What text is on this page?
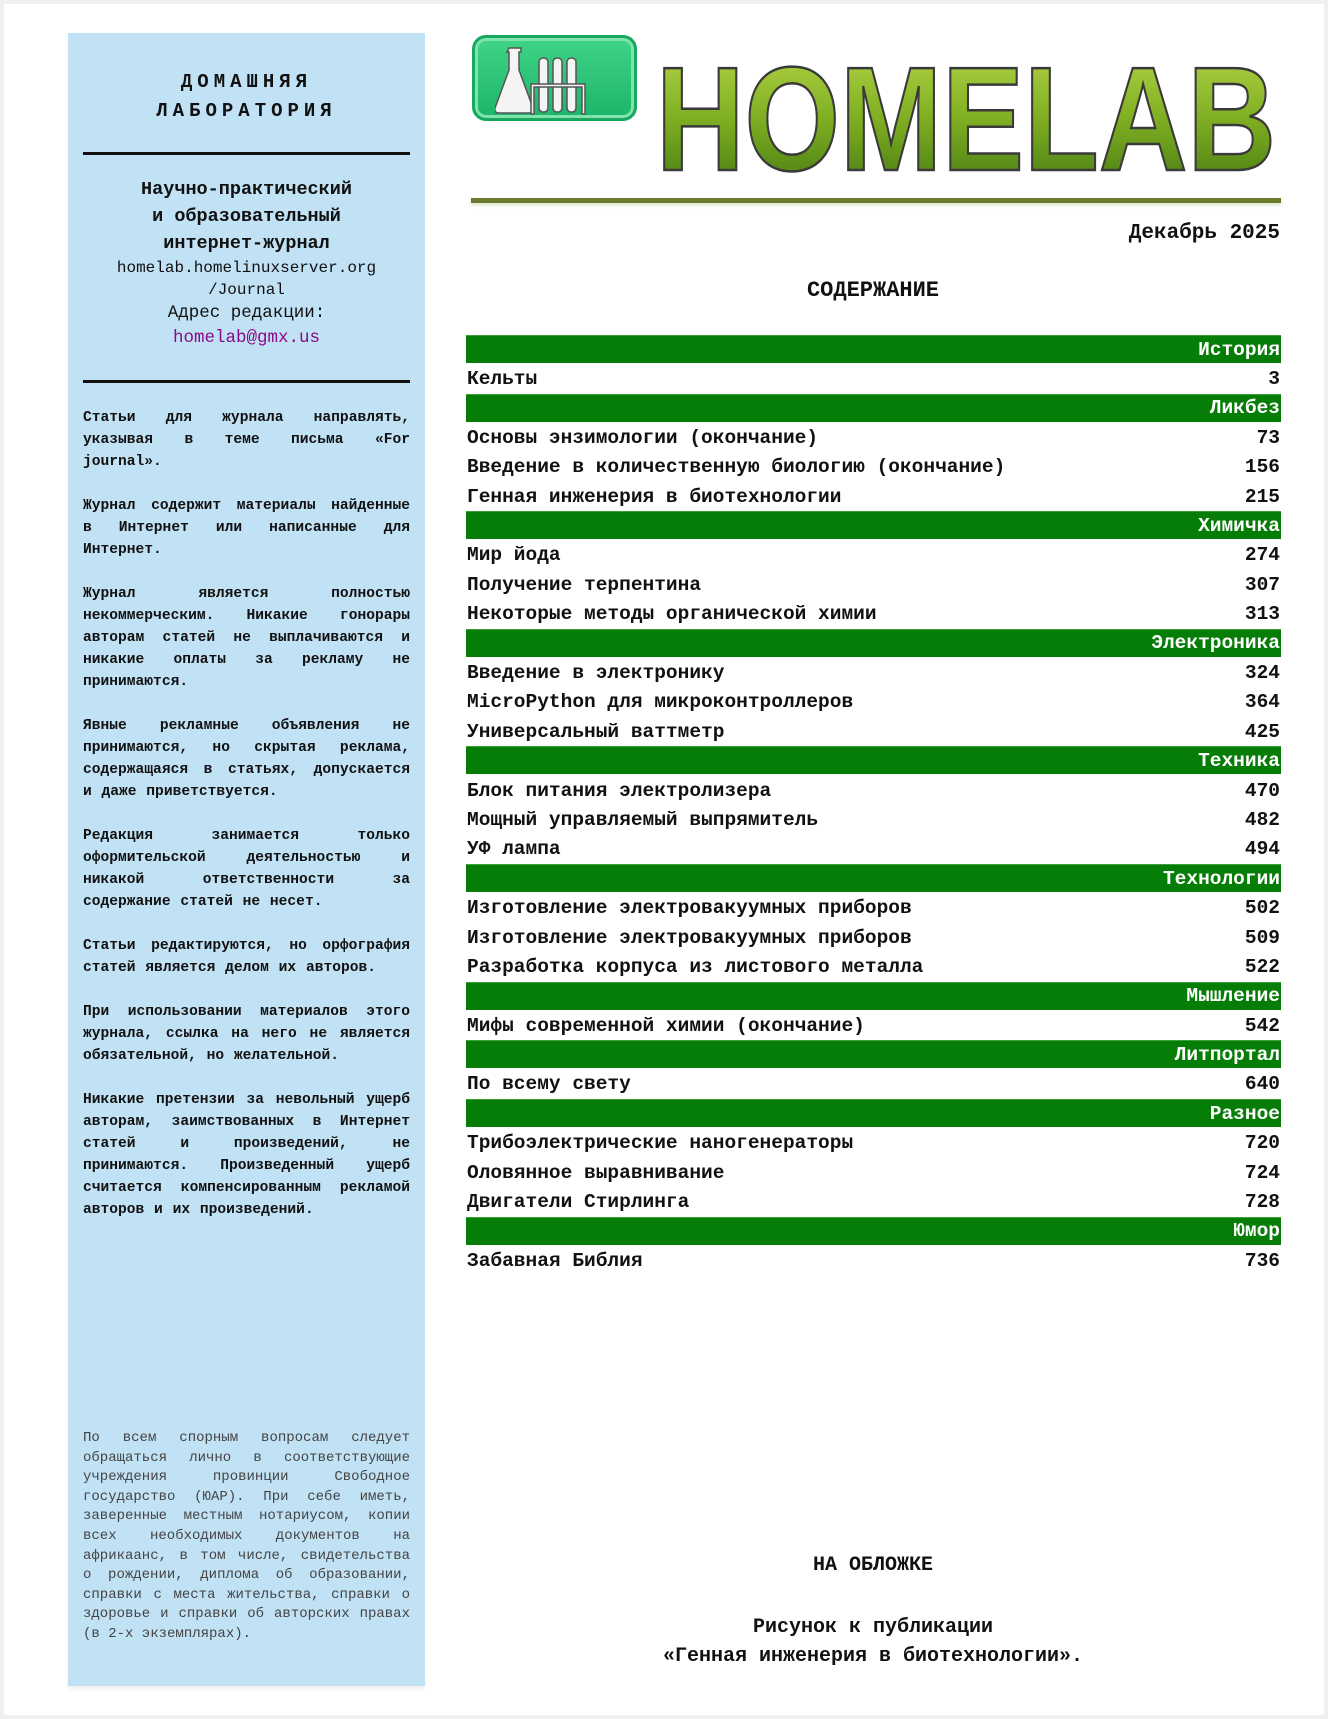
ДОМАШНЯЯ
ЛАБОРАТОРИЯ
Научно-практический
и образовательный
интернет-журнал
homelab.homelinuxserver.org
/Journal
Адрес редакции:
homelab@gmx.us

Статьи для журнала направлять, указывая в теме письма «For journal».

Журнал содержит материалы найденные в Интернет или написанные для Интернет.

Журнал является полностью некоммерческим. Никакие гонорары авторам статей не выплачиваются и никакие оплаты за рекламу не принимаются.

Явные рекламные объявления не принимаются, но скрытая реклама, содержащаяся в статьях, допускается и даже приветствуется.

Редакция занимается только оформительской деятельностью и никакой ответственности за содержание статей не несет.

Статьи редактируются, но орфография статей является делом их авторов.

При использовании материалов этого журнала, ссылка на него не является обязательной, но желательной.

Никакие претензии за невольный ущерб авторам, заимствованных в Интернет статей и произведений, не принимаются. Произведенный ущерб считается компенсированным рекламой авторов и их произведений.

По всем спорным вопросам следует обращаться лично в соответствующие учреждения провинции Свободное государство (ЮАР). При себе иметь, заверенные местным нотариусом, копии всех необходимых документов на африкаанс, в том числе, свидетельства о рождении, диплома об образовании, справки с места жительства, справки о здоровье и справки об авторских правах (в 2-х экземплярах).

HOMELAB
Декабрь 2025
СОДЕРЖАНИЕ
История
Кельты	3
Ликбез
Основы энзимологии (окончание)	73
Введение в количественную биологию (окончание)	156
Генная инженерия в биотехнологии	215
Химичка
Мир йода	274
Получение терпентина	307
Некоторые методы органической химии	313
Электроника
Введение в электронику	324
MicroPython для микроконтроллеров	364
Универсальный ваттметр	425
Техника
Блок питания электролизера	470
Мощный управляемый выпрямитель	482
УФ лампа	494
Технологии
Изготовление электровакуумных приборов	502
Изготовление электровакуумных приборов	509
Разработка корпуса из листового металла	522
Мышление
Мифы современной химии (окончание)	542
Литпортал
По всему свету	640
Разное
Трибоэлектрические наногенераторы	720
Оловянное выравнивание	724
Двигатели Стирлинга	728
Юмор
Забавная Библия	736
НА ОБЛОЖКЕ
Рисунок к публикации
«Генная инженерия в биотехнологии».
